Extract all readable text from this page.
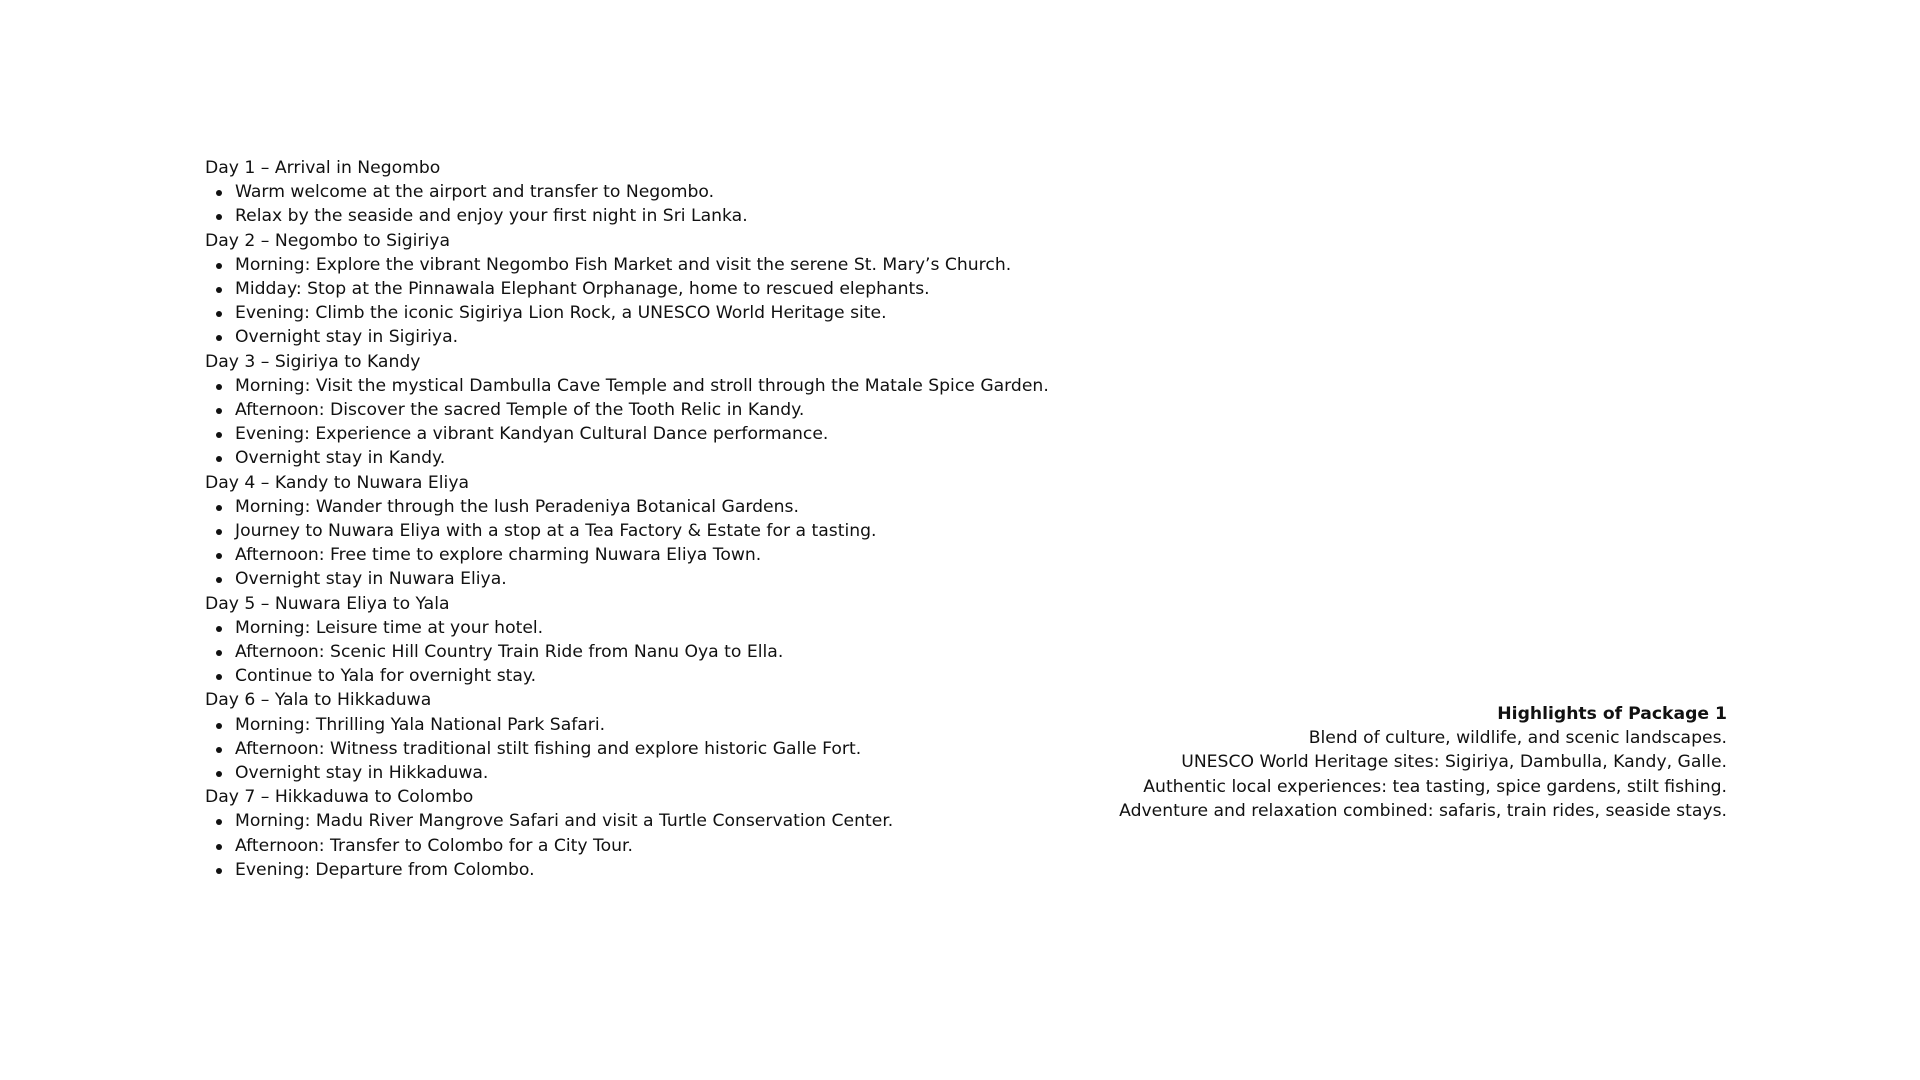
Day 1 – Arrival in Negombo

Warm welcome at the airport and transfer to Negombo.
Relax by the seaside and enjoy your first night in Sri Lanka.

Day 2 – Negombo to Sigiriya

Morning: Explore the vibrant Negombo Fish Market and visit the serene St. Mary’s Church.
Midday: Stop at the Pinnawala Elephant Orphanage, home to rescued elephants.
Evening: Climb the iconic Sigiriya Lion Rock, a UNESCO World Heritage site.
Overnight stay in Sigiriya.

Day 3 – Sigiriya to Kandy

Morning: Visit the mystical Dambulla Cave Temple and stroll through the Matale Spice Garden.
Afternoon: Discover the sacred Temple of the Tooth Relic in Kandy.
Evening: Experience a vibrant Kandyan Cultural Dance performance.
Overnight stay in Kandy.

Day 4 – Kandy to Nuwara Eliya

Morning: Wander through the lush Peradeniya Botanical Gardens.
Journey to Nuwara Eliya with a stop at a Tea Factory & Estate for a tasting.
Afternoon: Free time to explore charming Nuwara Eliya Town.
Overnight stay in Nuwara Eliya.

Day 5 – Nuwara Eliya to Yala

Morning: Leisure time at your hotel.
Afternoon: Scenic Hill Country Train Ride from Nanu Oya to Ella.
Continue to Yala for overnight stay.

Day 6 – Yala to Hikkaduwa

Morning: Thrilling Yala National Park Safari.
Afternoon: Witness traditional stilt fishing and explore historic Galle Fort.
Overnight stay in Hikkaduwa.

Day 7 – Hikkaduwa to Colombo

Morning: Madu River Mangrove Safari and visit a Turtle Conservation Center.
Afternoon: Transfer to Colombo for a City Tour.
Evening: Departure from Colombo.
Highlights of Package 1
Blend of culture, wildlife, and scenic landscapes.
UNESCO World Heritage sites: Sigiriya, Dambulla, Kandy, Galle.
Authentic local experiences: tea tasting, spice gardens, stilt fishing.
Adventure and relaxation combined: safaris, train rides, seaside stays.
